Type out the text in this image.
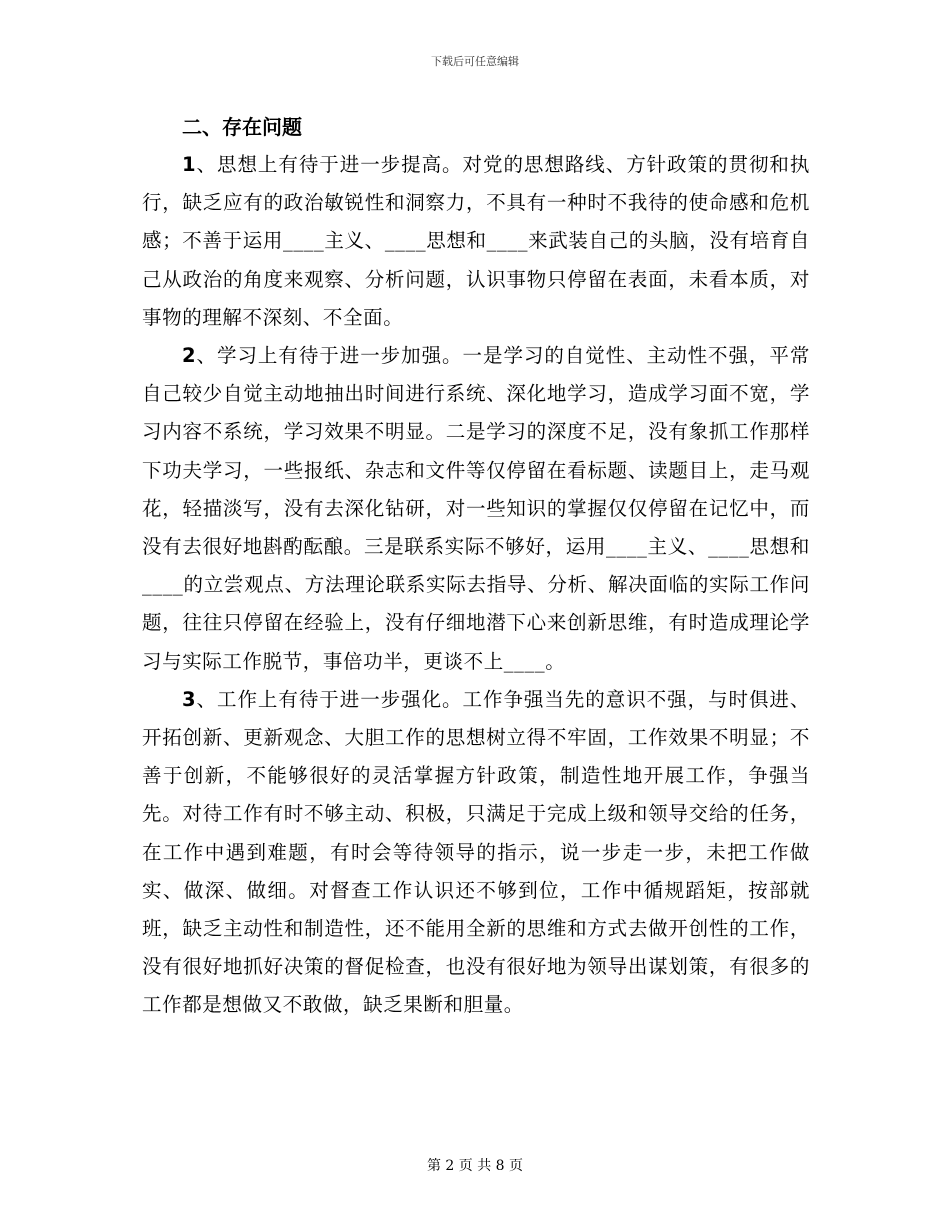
下载后可任意编辑

二、存在问题

1、思想上有待于进一步提高。对党的思想路线、方针政策的贯彻和执行，缺乏应有的政治敏锐性和洞察力，不具有一种时不我待的使命感和危机感；不善于运用____主义、____思想和____来武装自己的头脑，没有培育自己从政治的角度来观察、分析问题，认识事物只停留在表面，未看本质，对事物的理解不深刻、不全面。

2、学习上有待于进一步加强。一是学习的自觉性、主动性不强，平常自己较少自觉主动地抽出时间进行系统、深化地学习，造成学习面不宽，学习内容不系统，学习效果不明显。二是学习的深度不足，没有象抓工作那样下功夫学习，一些报纸、杂志和文件等仅停留在看标题、读题目上，走马观花，轻描淡写，没有去深化钻研，对一些知识的掌握仅仅停留在记忆中，而没有去很好地斟酌酝酿。三是联系实际不够好，运用____主义、____思想和____的立尝观点、方法理论联系实际去指导、分析、解决面临的实际工作问题，往往只停留在经验上，没有仔细地潜下心来创新思维，有时造成理论学习与实际工作脱节，事倍功半，更谈不上____。

3、工作上有待于进一步强化。工作争强当先的意识不强，与时俱进、开拓创新、更新观念、大胆工作的思想树立得不牢固，工作效果不明显；不善于创新，不能够很好的灵活掌握方针政策，制造性地开展工作，争强当先。对待工作有时不够主动、积极，只满足于完成上级和领导交给的任务，在工作中遇到难题，有时会等待领导的指示，说一步走一步，未把工作做实、做深、做细。对督查工作认识还不够到位，工作中循规蹈矩，按部就班，缺乏主动性和制造性，还不能用全新的思维和方式去做开创性的工作，没有很好地抓好决策的督促检查，也没有很好地为领导出谋划策，有很多的工作都是想做又不敢做，缺乏果断和胆量。

第 2 页 共 8 页
